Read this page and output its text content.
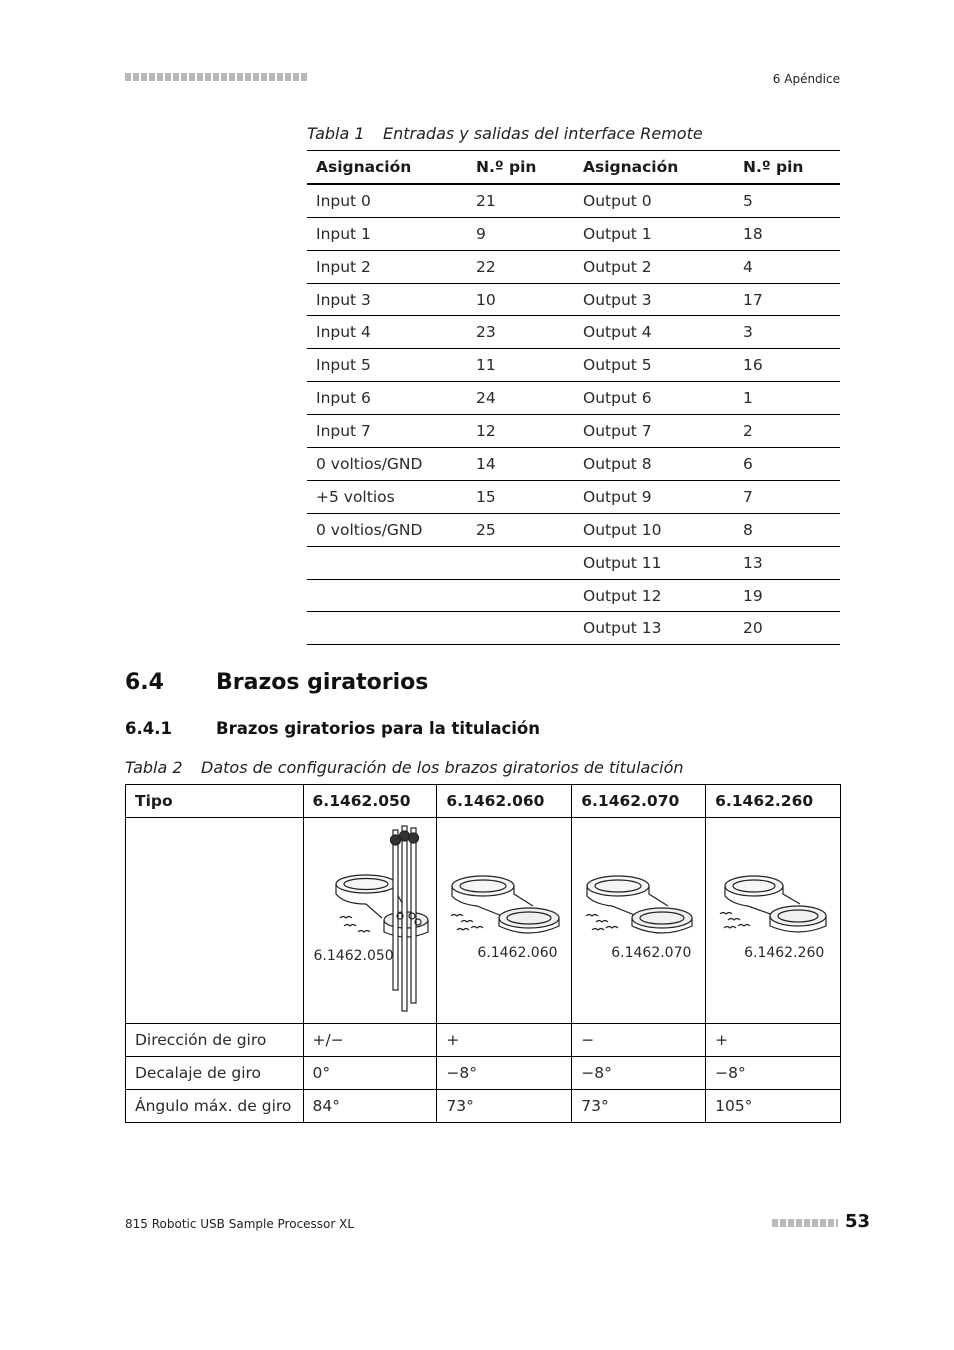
6 Apéndice
Tabla 1 Entradas y salidas del interface Remote
Asignación	N.º pin	Asignación	N.º pin
Input 0	21	Output 0	5
Input 1	9	Output 1	18
Input 2	22	Output 2	4
Input 3	10	Output 3	17
Input 4	23	Output 4	3
Input 5	11	Output 5	16
Input 6	24	Output 6	1
Input 7	12	Output 7	2
0 voltios/GND	14	Output 8	6
+5 voltios	15	Output 9	7
0 voltios/GND	25	Output 10	8
		Output 11	13
		Output 12	19
		Output 13	20
6.4 Brazos giratorios
6.4.1	Brazos giratorios para la titulación
Tabla 2 Datos de configuración de los brazos giratorios de titulación
Tipo	6.1462.050	6.1462.060	6.1462.070	6.1462.260

	6.1462.050	6.1462.060	6.1462.070	6.1462.260

Dirección de giro	+/−	+	−	+
Decalaje de giro	0°	−8°	−8°	−8°
Ángulo máx. de giro	84°	73°	73°	105°
815 Robotic USB Sample Processor XL	53
